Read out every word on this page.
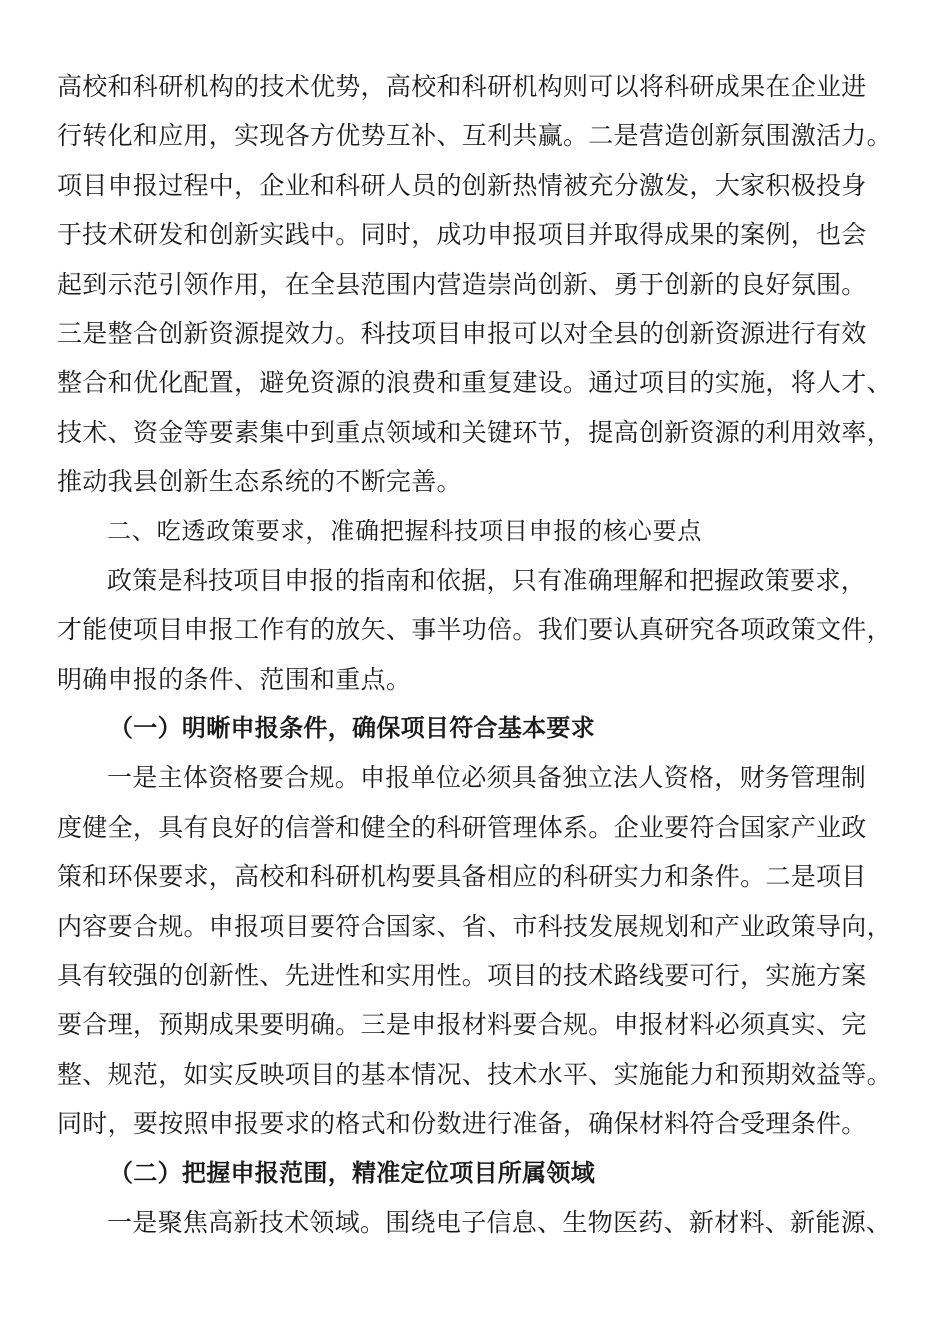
高校和科研机构的技术优势，高校和科研机构则可以将科研成果在企业进
行转化和应用，实现各方优势互补、互利共赢。二是营造创新氛围激活力。
项目申报过程中，企业和科研人员的创新热情被充分激发，大家积极投身
于技术研发和创新实践中。同时，成功申报项目并取得成果的案例，也会
起到示范引领作用，在全县范围内营造崇尚创新、勇于创新的良好氛围。
三是整合创新资源提效力。科技项目申报可以对全县的创新资源进行有效
整合和优化配置，避免资源的浪费和重复建设。通过项目的实施，将人才、
技术、资金等要素集中到重点领域和关键环节，提高创新资源的利用效率，
推动我县创新生态系统的不断完善。
二、吃透政策要求，准确把握科技项目申报的核心要点
政策是科技项目申报的指南和依据，只有准确理解和把握政策要求，
才能使项目申报工作有的放矢、事半功倍。我们要认真研究各项政策文件，
明确申报的条件、范围和重点。
（一）明晰申报条件，确保项目符合基本要求
一是主体资格要合规。申报单位必须具备独立法人资格，财务管理制
度健全，具有良好的信誉和健全的科研管理体系。企业要符合国家产业政
策和环保要求，高校和科研机构要具备相应的科研实力和条件。二是项目
内容要合规。申报项目要符合国家、省、市科技发展规划和产业政策导向，
具有较强的创新性、先进性和实用性。项目的技术路线要可行，实施方案
要合理，预期成果要明确。三是申报材料要合规。申报材料必须真实、完
整、规范，如实反映项目的基本情况、技术水平、实施能力和预期效益等。
同时，要按照申报要求的格式和份数进行准备，确保材料符合受理条件。
（二）把握申报范围，精准定位项目所属领域
一是聚焦高新技术领域。围绕电子信息、生物医药、新材料、新能源、
